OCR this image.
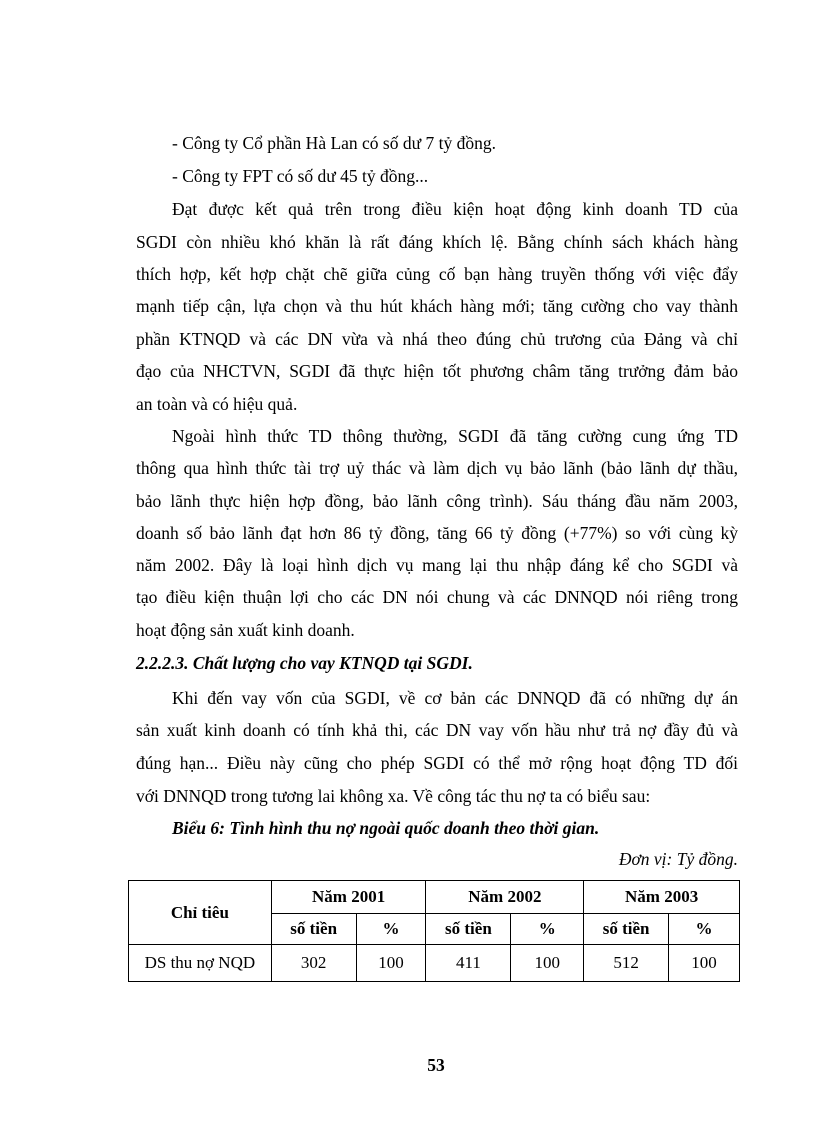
- Công ty Cổ phần Hà Lan có số dư 7 tỷ đồng.
- Công ty FPT có số dư 45 tỷ đồng...
Đạt được kết quả trên trong điều kiện hoạt động kinh doanh TD của
SGDI còn nhiều khó khăn là rất đáng khích lệ. Bằng chính sách khách hàng
thích hợp, kết hợp chặt chẽ giữa củng cố bạn hàng truyền thống với việc đẩy
mạnh tiếp cận, lựa chọn và thu hút khách hàng mới; tăng cường cho vay thành
phần KTNQD và các DN vừa và nhá theo đúng chủ trương của Đảng và chỉ
đạo của NHCTVN, SGDI đã thực hiện tốt phương châm tăng trưởng đảm bảo
an toàn và có hiệu quả.
Ngoài hình thức TD thông thường, SGDI đã tăng cường cung ứng TD
thông qua hình thức tài trợ uỷ thác và làm dịch vụ bảo lãnh (bảo lãnh dự thầu,
bảo lãnh thực hiện hợp đồng, bảo lãnh công trình). Sáu tháng đầu năm 2003,
doanh số bảo lãnh đạt hơn 86 tỷ đồng, tăng 66 tỷ đồng (+77%) so với cùng kỳ
năm 2002. Đây là loại hình dịch vụ mang lại thu nhập đáng kể cho SGDI và
tạo điều kiện thuận lợi cho các DN nói chung và các DNNQD nói riêng trong
hoạt động sản xuất kinh doanh.
2.2.2.3. Chất lượng cho vay KTNQD tại SGDI.
Khi đến vay vốn của SGDI, về cơ bản các DNNQD đã có những dự án
sản xuất kinh doanh có tính khả thi, các DN vay vốn hầu như trả nợ đầy đủ và
đúng hạn... Điều này cũng cho phép SGDI có thể mở rộng hoạt động TD đối
với DNNQD trong tương lai không xa. Về công tác thu nợ ta có biểu sau:
Biểu 6: Tình hình thu nợ ngoài quốc doanh theo thời gian.
Đơn vị: Tỷ đồng.
Chỉ tiêu	Năm 2001		Năm 2002		Năm 2003	
	số tiền	%	số tiền	%	số tiền	%
DS thu nợ NQD	302	100	411	100	512	100
53
